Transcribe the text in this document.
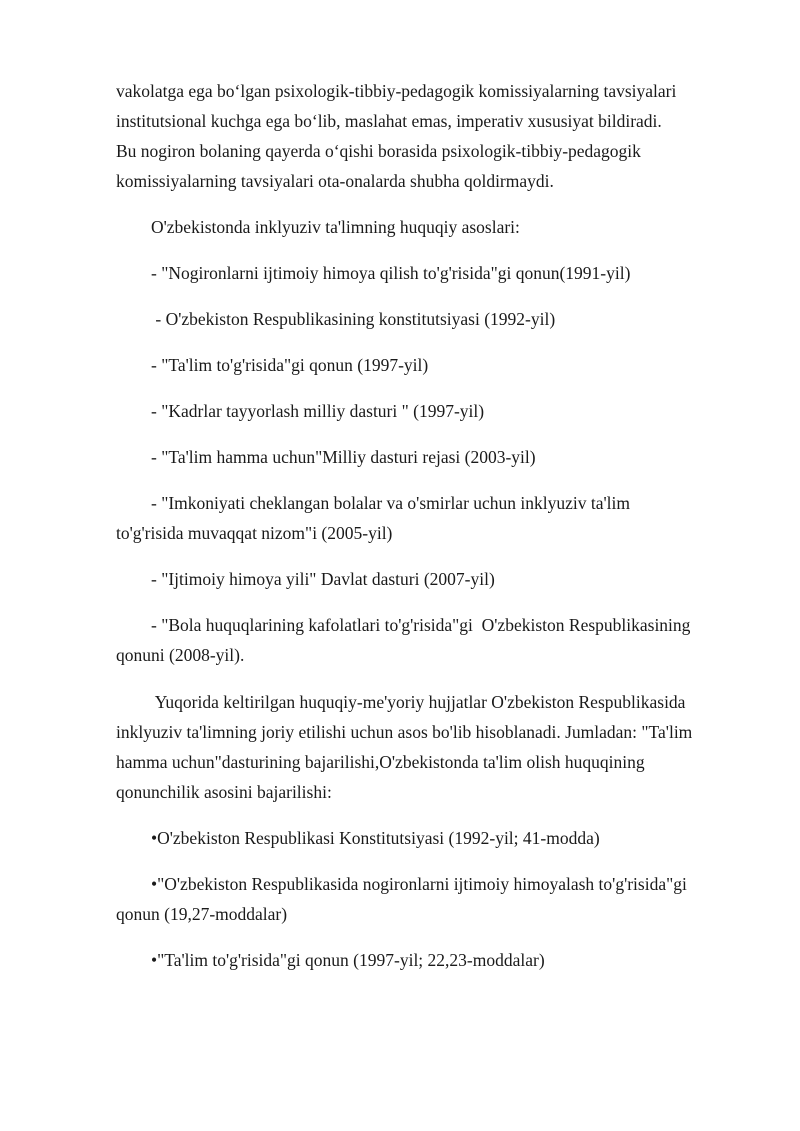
vakolatga ega bo‘lgan psixologik-tibbiy-pedagogik komissiyalarning tavsiyalari
institutsional kuchga ega bo‘lib, maslahat emas, imperativ xususiyat bildiradi.
Bu nogiron bolaning qayerda o‘qishi borasida psixologik-tibbiy-pedagogik
komissiyalarning tavsiyalari ota-onalarda shubha qoldirmaydi.
O'zbekistonda inklyuziv ta'limning huquqiy asoslari:
- "Nogironlarni ijtimoiy himoya qilish to'g'risida"gi qonun(1991-yil)
- O'zbekiston Respublikasining konstitutsiyasi (1992-yil)
- "Ta'lim to'g'risida"gi qonun (1997-yil)
- "Kadrlar tayyorlash milliy dasturi " (1997-yil)
- "Ta'lim hamma uchun"Milliy dasturi rejasi (2003-yil)
- "Imkoniyati cheklangan bolalar va o'smirlar uchun inklyuziv ta'lim
to'g'risida muvaqqat nizom"i (2005-yil)
- "Ijtimoiy himoya yili" Davlat dasturi (2007-yil)
- "Bola huquqlarining kafolatlari to'g'risida"gi  O'zbekiston Respublikasining
qonuni (2008-yil).
Yuqorida keltirilgan huquqiy-me'yoriy hujjatlar O'zbekiston Respublikasida
inklyuziv ta'limning joriy etilishi uchun asos bo'lib hisoblanadi. Jumladan: "Ta'lim
hamma uchun"dasturining bajarilishi,O'zbekistonda ta'lim olish huquqining
qonunchilik asosini bajarilishi:
•O'zbekiston Respublikasi Konstitutsiyasi (1992-yil; 41-modda)
•"O'zbekiston Respublikasida nogironlarni ijtimoiy himoyalash to'g'risida"gi
qonun (19,27-moddalar)
•"Ta'lim to'g'risida"gi qonun (1997-yil; 22,23-moddalar)
